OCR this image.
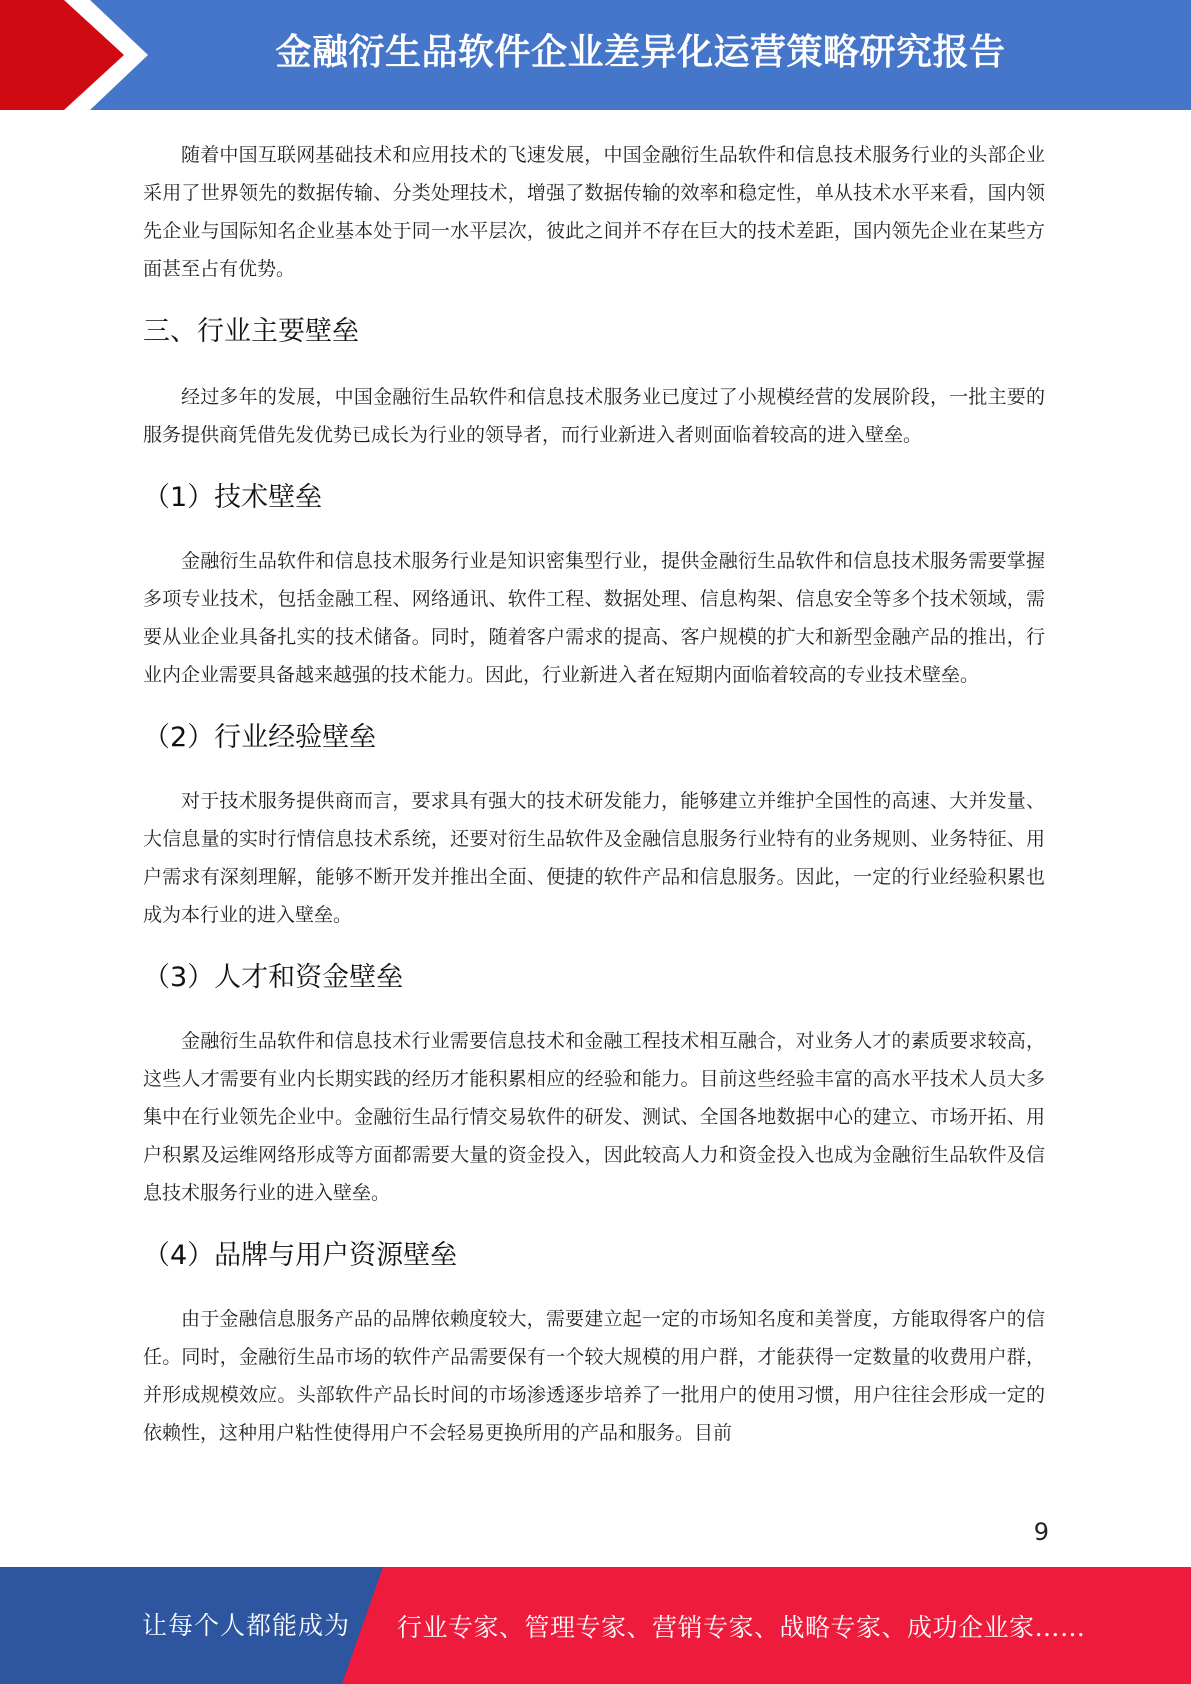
金融衍生品软件企业差异化运营策略研究报告

随着中国互联网基础技术和应用技术的飞速发展，中国金融衍生品软件和信息技术服务行业的头部企业采用了世界领先的数据传输、分类处理技术，增强了数据传输的效率和稳定性，单从技术水平来看，国内领先企业与国际知名企业基本处于同一水平层次，彼此之间并不存在巨大的技术差距，国内领先企业在某些方面甚至占有优势。

三、行业主要壁垒

经过多年的发展，中国金融衍生品软件和信息技术服务业已度过了小规模经营的发展阶段，一批主要的服务提供商凭借先发优势已成长为行业的领导者，而行业新进入者则面临着较高的进入壁垒。

（1）技术壁垒

金融衍生品软件和信息技术服务行业是知识密集型行业，提供金融衍生品软件和信息技术服务需要掌握多项专业技术，包括金融工程、网络通讯、软件工程、数据处理、信息构架、信息安全等多个技术领域，需要从业企业具备扎实的技术储备。同时，随着客户需求的提高、客户规模的扩大和新型金融产品的推出，行业内企业需要具备越来越强的技术能力。因此，行业新进入者在短期内面临着较高的专业技术壁垒。

（2）行业经验壁垒

对于技术服务提供商而言，要求具有强大的技术研发能力，能够建立并维护全国性的高速、大并发量、大信息量的实时行情信息技术系统，还要对衍生品软件及金融信息服务行业特有的业务规则、业务特征、用户需求有深刻理解，能够不断开发并推出全面、便捷的软件产品和信息服务。因此，一定的行业经验积累也成为本行业的进入壁垒。

（3）人才和资金壁垒

金融衍生品软件和信息技术行业需要信息技术和金融工程技术相互融合，对业务人才的素质要求较高，这些人才需要有业内长期实践的经历才能积累相应的经验和能力。目前这些经验丰富的高水平技术人员大多集中在行业领先企业中。金融衍生品行情交易软件的研发、测试、全国各地数据中心的建立、市场开拓、用户积累及运维网络形成等方面都需要大量的资金投入，因此较高人力和资金投入也成为金融衍生品软件及信息技术服务行业的进入壁垒。

（4）品牌与用户资源壁垒

由于金融信息服务产品的品牌依赖度较大，需要建立起一定的市场知名度和美誉度，方能取得客户的信任。同时，金融衍生品市场的软件产品需要保有一个较大规模的用户群，才能获得一定数量的收费用户群，并形成规模效应。头部软件产品长时间的市场渗透逐步培养了一批用户的使用习惯，用户往往会形成一定的依赖性，这种用户粘性使得用户不会轻易更换所用的产品和服务。目前

9
让每个人都能成为 行业专家、管理专家、营销专家、战略专家、成功企业家……
